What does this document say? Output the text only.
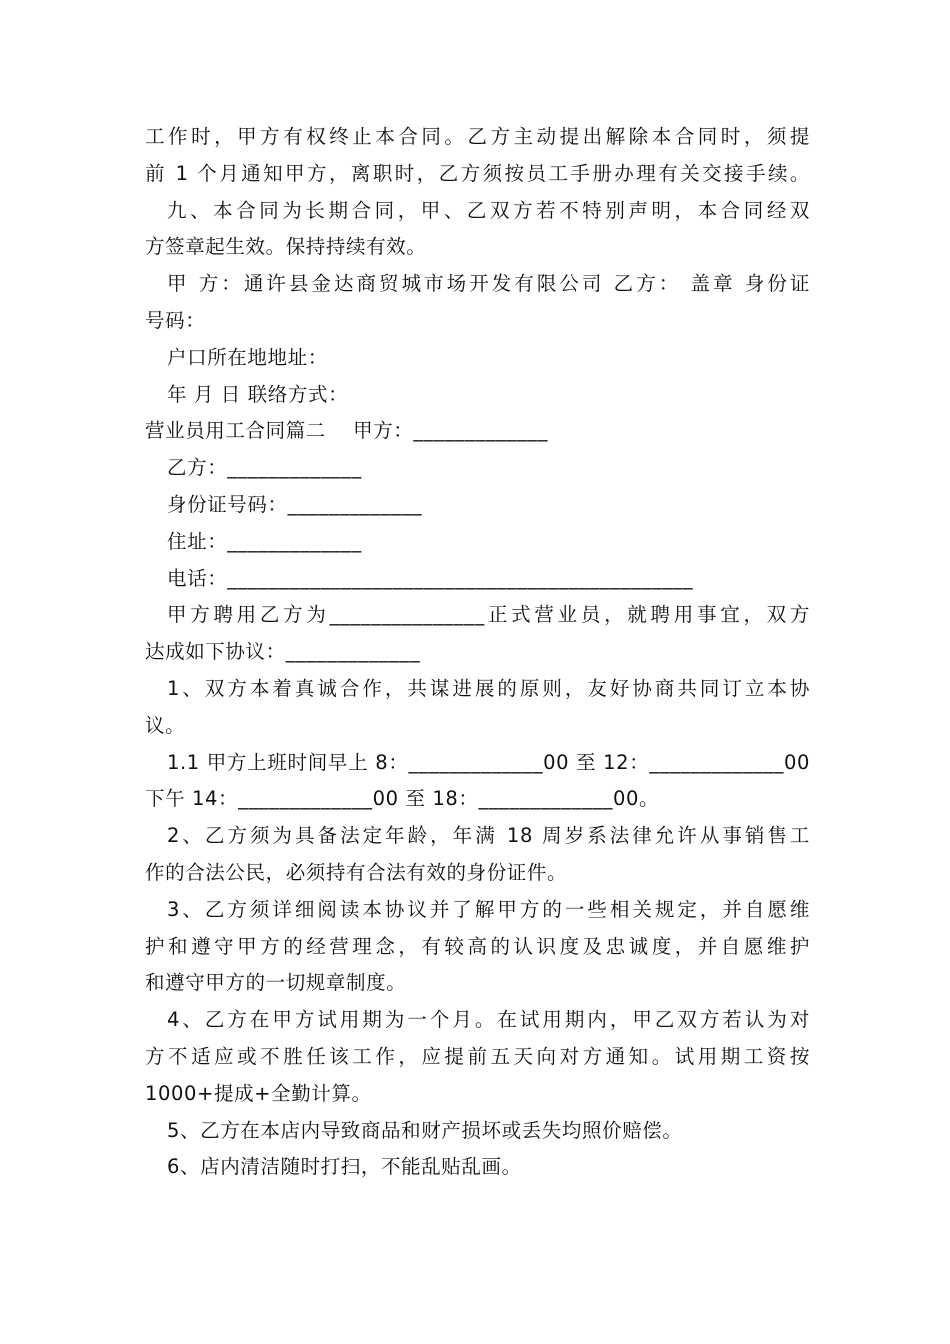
工作时，甲方有权终止本合同。乙方主动提出解除本合同时，须提
前 1 个月通知甲方，离职时，乙方须按员工手册办理有关交接手续。
九、本合同为长期合同，甲、乙双方若不特别声明，本合同经双
方签章起生效。保持持续有效。
甲 方：通许县金达商贸城市场开发有限公司 乙方： 盖章 身份证
号码：
户口所在地地址：
年 月 日 联络方式：
营业员用工合同篇二    甲方：_____________
乙方：_____________
身份证号码：_____________
住址：_____________
电话：_____________________________________________
甲方聘用乙方为_______________正式营业员，就聘用事宜，双方
达成如下协议：_____________
1、双方本着真诚合作，共谋进展的原则，友好协商共同订立本协
议。
1.1 甲方上班时间早上 8：_____________00 至 12：_____________00
下午 14：_____________00 至 18：_____________00。
2、乙方须为具备法定年龄，年满 18 周岁系法律允许从事销售工
作的合法公民，必须持有合法有效的身份证件。
3、乙方须详细阅读本协议并了解甲方的一些相关规定，并自愿维
护和遵守甲方的经营理念，有较高的认识度及忠诚度，并自愿维护
和遵守甲方的一切规章制度。
4、乙方在甲方试用期为一个月。在试用期内，甲乙双方若认为对
方不适应或不胜任该工作，应提前五天向对方通知。试用期工资按
1000+提成+全勤计算。
5、乙方在本店内导致商品和财产损坏或丢失均照价赔偿。
6、店内清洁随时打扫，不能乱贴乱画。
